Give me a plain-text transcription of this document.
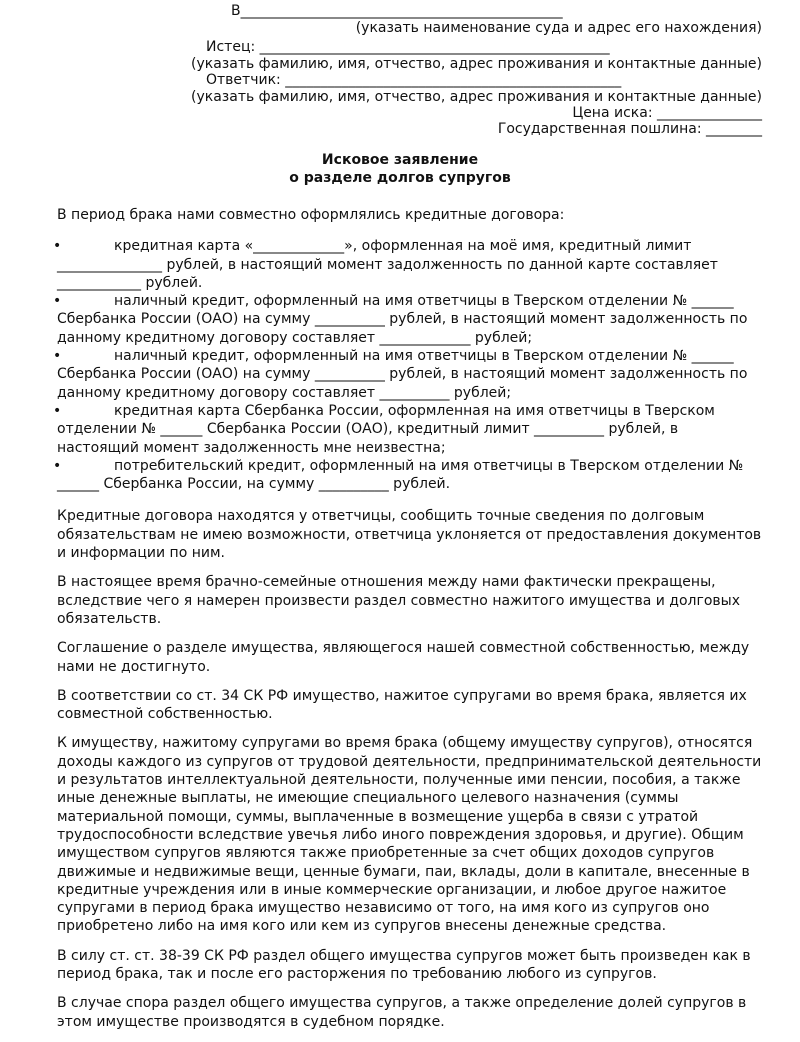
В______________________________________________
(указать наименование суда и адрес его нахождения)
Истец: __________________________________________________
(указать фамилию, имя, отчество, адрес проживания и контактные данные)
Ответчик: ________________________________________________
(указать фамилию, имя, отчество, адрес проживания и контактные данные)
Цена иска: _______________
Государственная пошлина: ________
Исковое заявление
о разделе долгов супругов

В период брака нами совместно оформлялись кредитные договора:

•	кредитная карта «_____________», оформленная на моё имя, кредитный лимит _______________ рублей, в настоящий момент задолженность по данной карте составляет ____________ рублей.
•	наличный кредит, оформленный на имя ответчицы в Тверском отделении № ______ Сбербанка России (ОАО) на сумму __________ рублей, в настоящий момент задолженность по данному кредитному договору составляет _____________ рублей;
•	наличный кредит, оформленный на имя ответчицы в Тверском отделении № ______ Сбербанка России (ОАО) на сумму __________ рублей, в настоящий момент задолженность по данному кредитному договору составляет __________ рублей;
•	кредитная карта Сбербанка России, оформленная на имя ответчицы в Тверском отделении № ______ Сбербанка России (ОАО), кредитный лимит __________ рублей, в настоящий момент задолженность мне неизвестна;
•	потребительский кредит, оформленный на имя ответчицы в Тверском отделении № ______ Сбербанка России, на сумму __________ рублей.

Кредитные договора находятся у ответчицы, сообщить точные сведения по долговым обязательствам не имею возможности, ответчица уклоняется от предоставления документов и информации по ним.

В настоящее время брачно-семейные отношения между нами фактически прекращены, вследствие чего я намерен произвести раздел совместно нажитого имущества и долговых обязательств.

Соглашение о разделе имущества, являющегося нашей совместной собственностью, между нами не достигнуто.

В соответствии со ст. 34 СК РФ имущество, нажитое супругами во время брака, является их совместной собственностью.

К имуществу, нажитому супругами во время брака (общему имуществу супругов), относятся доходы каждого из супругов от трудовой деятельности, предпринимательской деятельности и результатов интеллектуальной деятельности, полученные ими пенсии, пособия, а также иные денежные выплаты, не имеющие специального целевого назначения (суммы материальной помощи, суммы, выплаченные в возмещение ущерба в связи с утратой трудоспособности вследствие увечья либо иного повреждения здоровья, и другие). Общим имуществом супругов являются также приобретенные за счет общих доходов супругов движимые и недвижимые вещи, ценные бумаги, паи, вклады, доли в капитале, внесенные в кредитные учреждения или в иные коммерческие организации, и любое другое нажитое супругами в период брака имущество независимо от того, на имя кого из супругов оно приобретено либо на имя кого или кем из супругов внесены денежные средства.

В силу ст. ст. 38-39 СК РФ раздел общего имущества супругов может быть произведен как в период брака, так и после его расторжения по требованию любого из супругов.

В случае спора раздел общего имущества супругов, а также определение долей супругов в этом имуществе производятся в судебном порядке.
